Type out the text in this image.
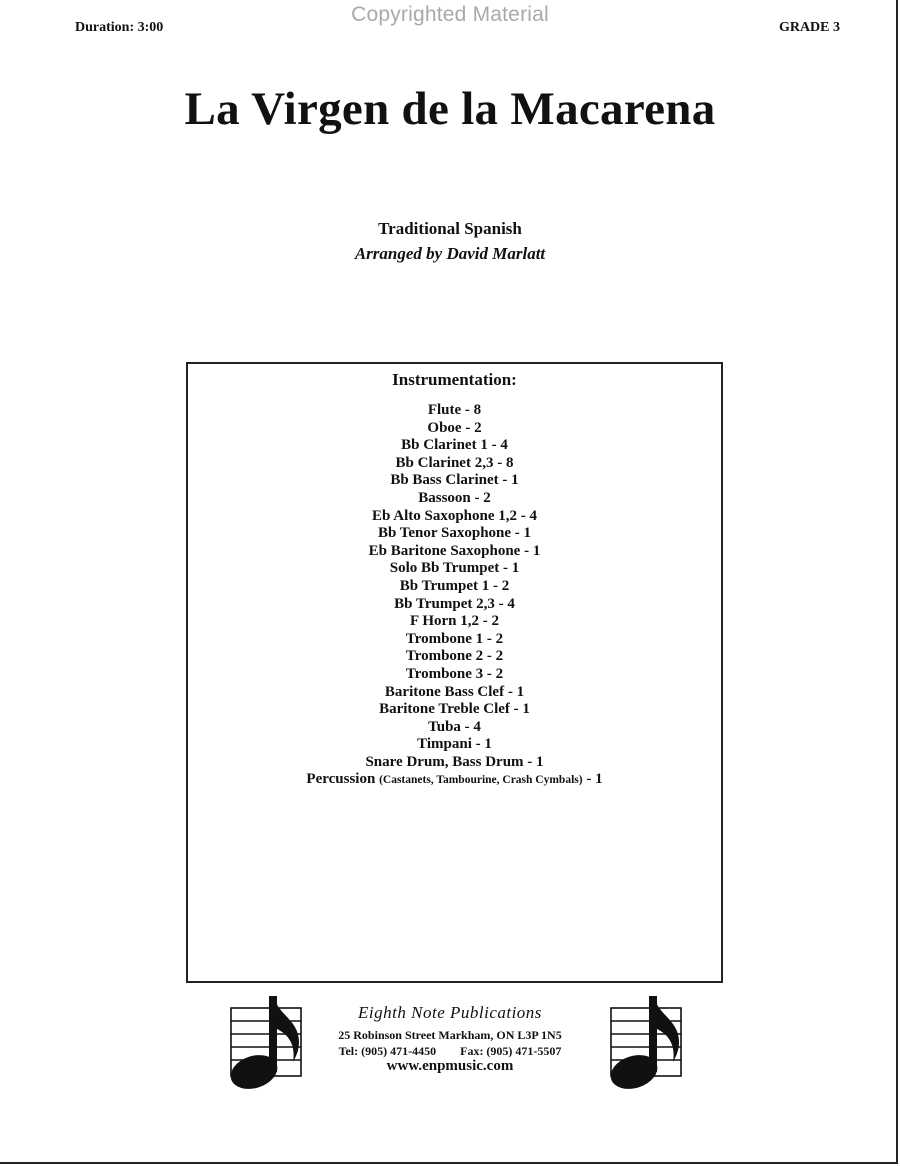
Copyrighted Material
Duration: 3:00	GRADE 3
La Virgen de la Macarena
Traditional Spanish
Arranged by David Marlatt
Instrumentation:
Flute - 8
Oboe - 2
Bb Clarinet 1 - 4
Bb Clarinet 2,3 - 8
Bb Bass Clarinet - 1
Bassoon - 2
Eb Alto Saxophone 1,2 - 4
Bb Tenor Saxophone - 1
Eb Baritone Saxophone - 1
Solo Bb Trumpet - 1
Bb Trumpet 1 - 2
Bb Trumpet 2,3 - 4
F Horn 1,2 - 2
Trombone 1 - 2
Trombone 2 - 2
Trombone 3 - 2
Baritone Bass Clef - 1
Baritone Treble Clef - 1
Tuba - 4
Timpani - 1
Snare Drum, Bass Drum - 1
Percussion (Castanets, Tambourine, Crash Cymbals) - 1
Eighth Note Publications
25 Robinson Street Markham, ON L3P 1N5
Tel: (905) 471-4450 Fax: (905) 471-5507
www.enpmusic.com
